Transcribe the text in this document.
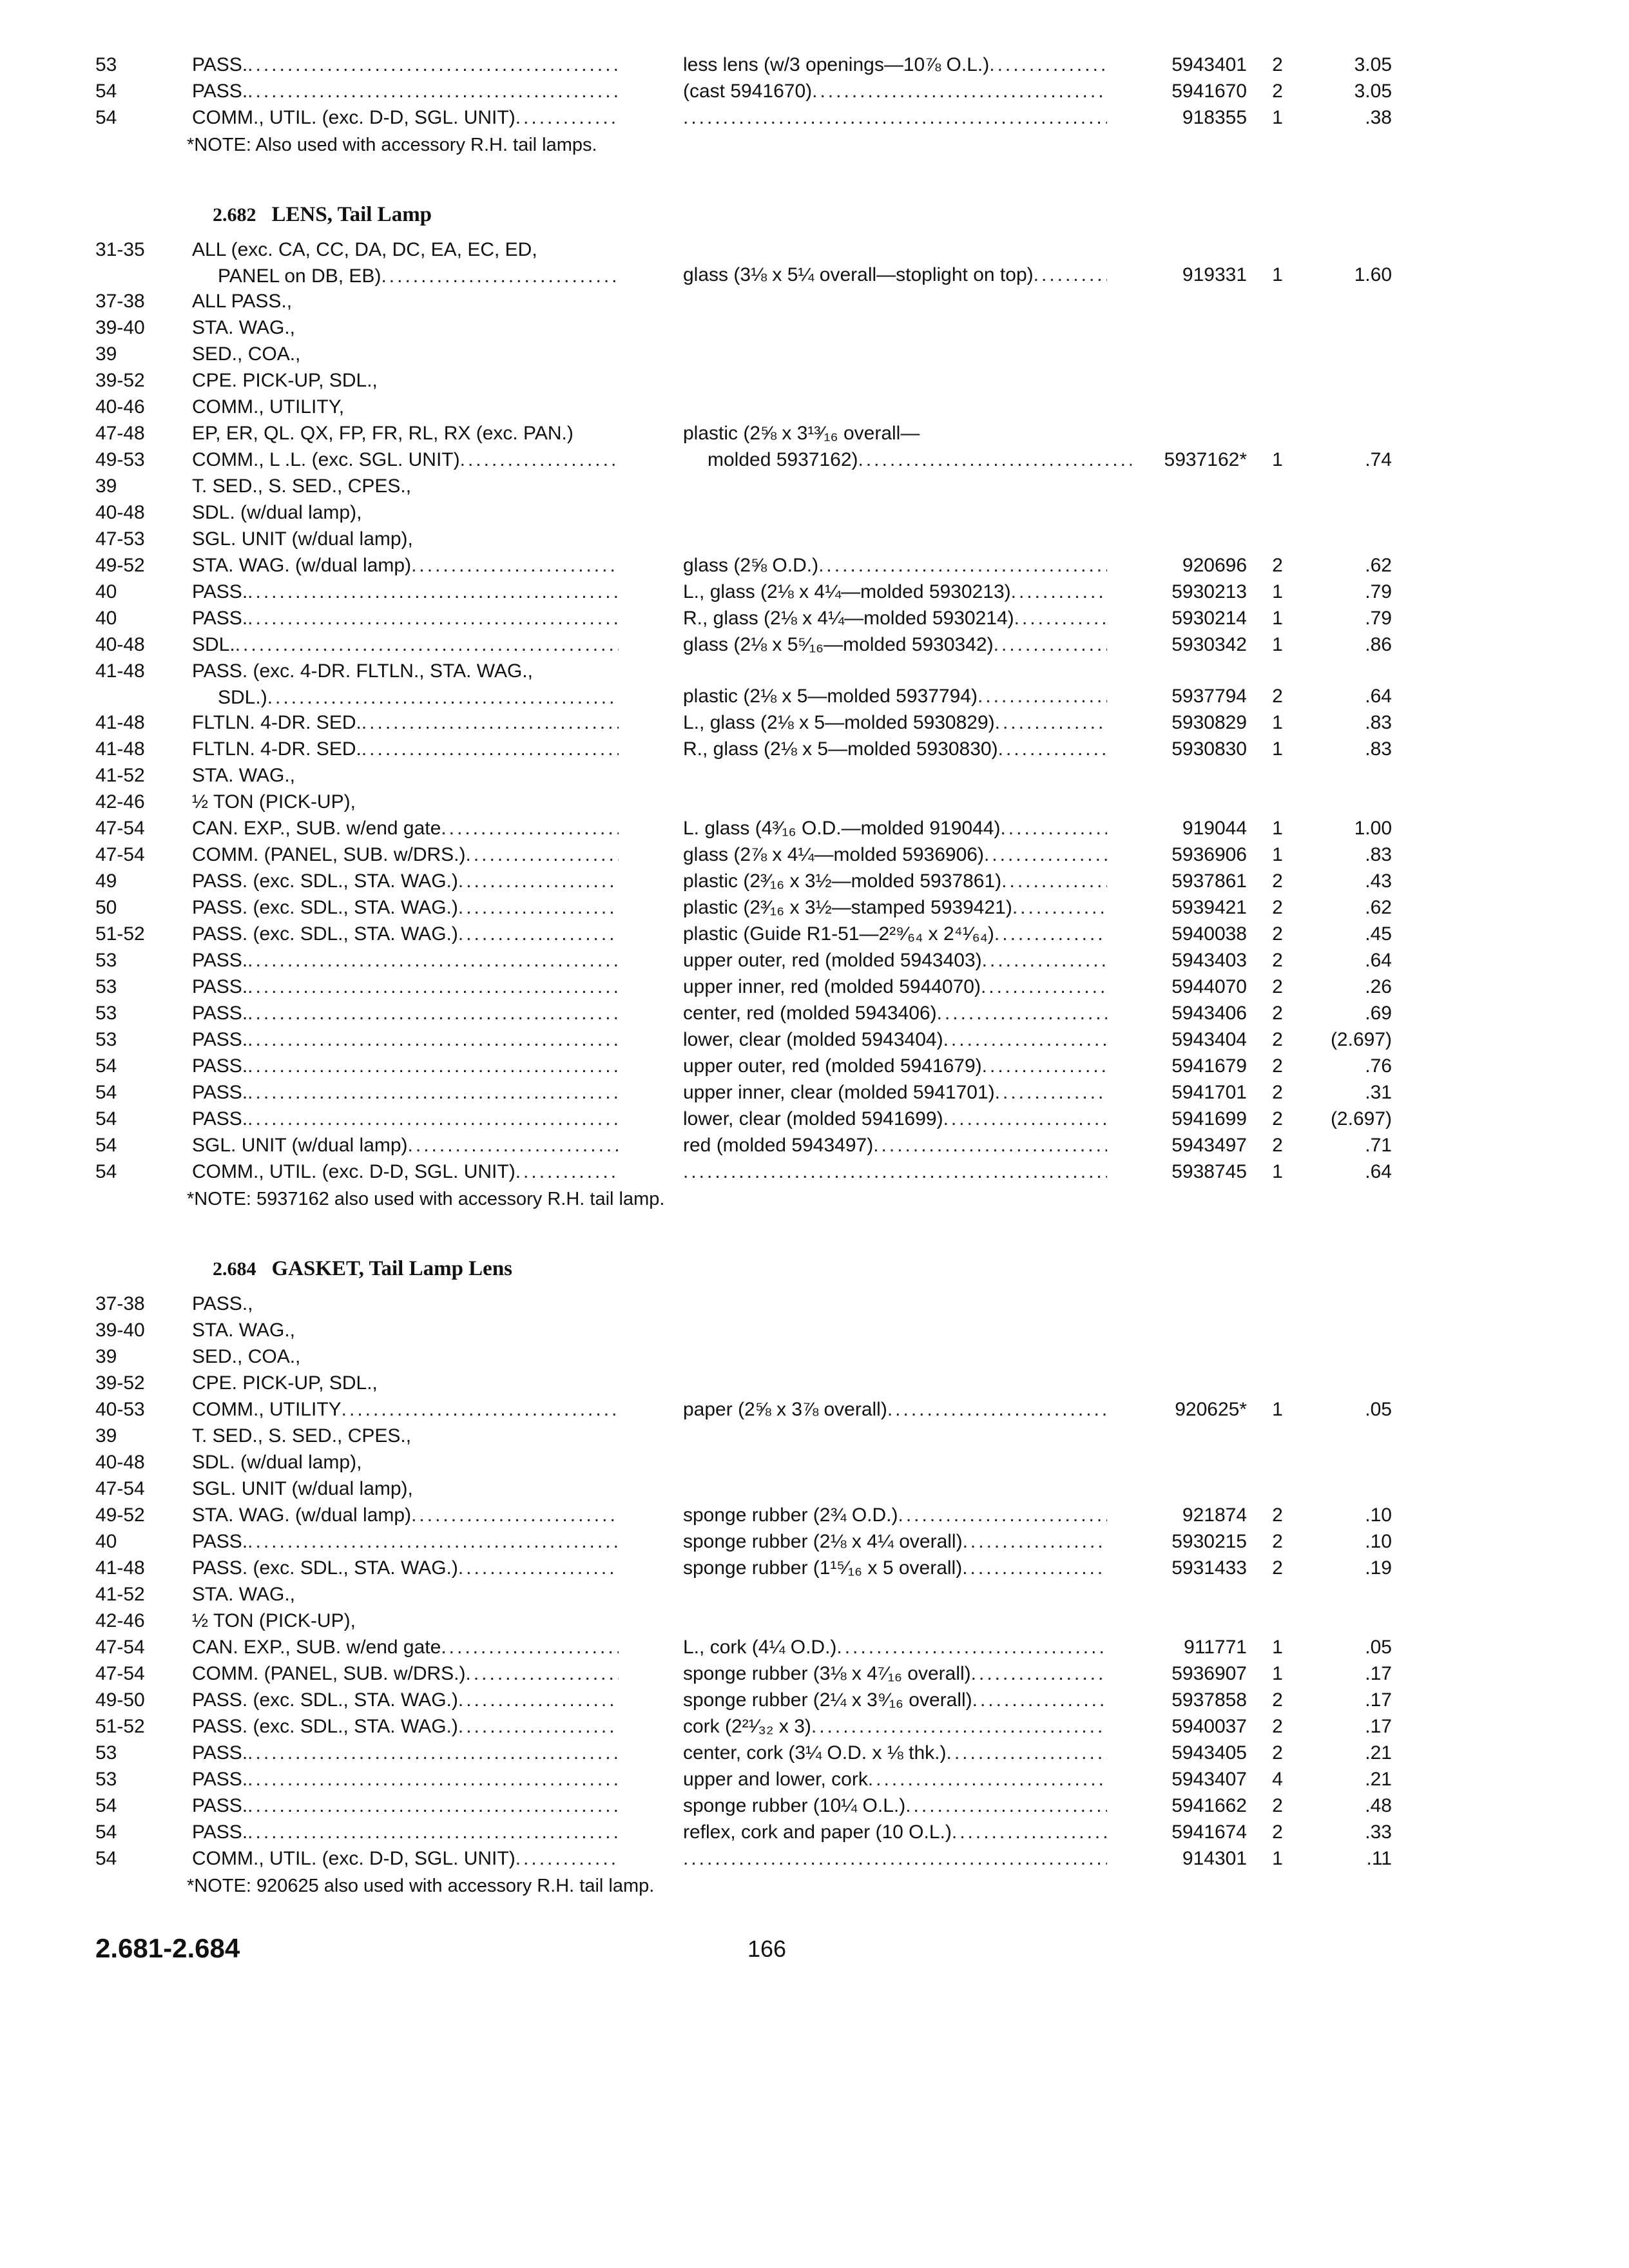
53	PASS. .....	less lens (w/3 openings—10⅞ O.L.) .....	5943401	2	3.05
54	PASS. .....	(cast 5941670) .....	5941670	2	3.05
54	COMM., UTIL. (exc. D-D, SGL. UNIT) ..... .....	918355	1	.38
*NOTE: Also used with accessory R.H. tail lamps.
2.682 LENS, Tail Lamp
31-35	ALL (exc. CA, CC, DA, DC, EA, EC, ED,
PANEL on DB, EB) .....	glass (3⅛ x 5¼ overall—stoplight on top) .....	919331	1	1.60
37-38	ALL PASS.,
39-40	STA. WAG.,
39	SED., COA.,
39-52	CPE. PICK-UP, SDL.,
40-46	COMM., UTILITY,
47-48	EP, ER, QL. QX, FP, FR, RL, RX (exc. PAN.)	plastic (2⅝ x 3¹³⁄₁₆ overall—
49-53	COMM., L .L. (exc. SGL. UNIT) .....	molded 5937162) .....	5937162*	1	.74
39	T. SED., S. SED., CPES.,
40-48	SDL. (w/dual lamp),
47-53	SGL. UNIT (w/dual lamp),
49-52	STA. WAG. (w/dual lamp) .....	glass (2⅝ O.D.) .....	920696	2	.62
40	PASS. .....	L., glass (2⅛ x 4¼—molded 5930213) .....	5930213	1	.79
40	PASS. .....	R., glass (2⅛ x 4¼—molded 5930214) .....	5930214	1	.79
40-48	SDL. .....	glass (2⅛ x 5⁵⁄₁₆—molded 5930342) .....	5930342	1	.86
41-48	PASS. (exc. 4-DR. FLTLN., STA. WAG.,
SDL.) .....	plastic (2⅛ x 5—molded 5937794) .....	5937794	2	.64
41-48	FLTLN. 4-DR. SED. .....	L., glass (2⅛ x 5—molded 5930829) .....	5930829	1	.83
41-48	FLTLN. 4-DR. SED. .....	R., glass (2⅛ x 5—molded 5930830) .....	5930830	1	.83
41-52	STA. WAG.,
42-46	½ TON (PICK-UP),
47-54	CAN. EXP., SUB. w/end gate .....	L. glass (4³⁄₁₆ O.D.—molded 919044) .....	919044	1	1.00
47-54	COMM. (PANEL, SUB. w/DRS.) .....	glass (2⅞ x 4¼—molded 5936906) .....	5936906	1	.83
49	PASS. (exc. SDL., STA. WAG.) .....	plastic (2³⁄₁₆ x 3½—molded 5937861) .....	5937861	2	.43
50	PASS. (exc. SDL., STA. WAG.) .....	plastic (2³⁄₁₆ x 3½—stamped 5939421) .....	5939421	2	.62
51-52	PASS. (exc. SDL., STA. WAG.) .....	plastic (Guide R1-51—2²⁹⁄₆₄ x 2⁴¹⁄₆₄) .....	5940038	2	.45
53	PASS. .....	upper outer, red (molded 5943403) .....	5943403	2	.64
53	PASS. .....	upper inner, red (molded 5944070) .....	5944070	2	.26
53	PASS. .....	center, red (molded 5943406) .....	5943406	2	.69
53	PASS. .....	lower, clear (molded 5943404) .....	5943404	2	(2.697)
54	PASS. .....	upper outer, red (molded 5941679) .....	5941679	2	.76
54	PASS. .....	upper inner, clear (molded 5941701) .....	5941701	2	.31
54	PASS. .....	lower, clear (molded 5941699) .....	5941699	2	(2.697)
54	SGL. UNIT (w/dual lamp) .....	red (molded 5943497) .....	5943497	2	.71
54	COMM., UTIL. (exc. D-D, SGL. UNIT) ..... .....	5938745	1	.64
*NOTE: 5937162 also used with accessory R.H. tail lamp.
2.684 GASKET, Tail Lamp Lens
37-38	PASS.,
39-40	STA. WAG.,
39	SED., COA.,
39-52	CPE. PICK-UP, SDL.,
40-53	COMM., UTILITY .....	paper (2⅝ x 3⅞ overall) .....	920625*	1	.05
39	T. SED., S. SED., CPES.,
40-48	SDL. (w/dual lamp),
47-54	SGL. UNIT (w/dual lamp),
49-52	STA. WAG. (w/dual lamp) .....	sponge rubber (2¾ O.D.) .....	921874	2	.10
40	PASS. .....	sponge rubber (2⅛ x 4¼ overall) .....	5930215	2	.10
41-48	PASS. (exc. SDL., STA. WAG.) .....	sponge rubber (1¹⁵⁄₁₆ x 5 overall) .....	5931433	2	.19
41-52	STA. WAG.,
42-46	½ TON (PICK-UP),
47-54	CAN. EXP., SUB. w/end gate .....	L., cork (4¼ O.D.) .....	911771	1	.05
47-54	COMM. (PANEL, SUB. w/DRS.) .....	sponge rubber (3⅛ x 4⁷⁄₁₆ overall) .....	5936907	1	.17
49-50	PASS. (exc. SDL., STA. WAG.) .....	sponge rubber (2¼ x 3⁹⁄₁₆ overall) .....	5937858	2	.17
51-52	PASS. (exc. SDL., STA. WAG.) .....	cork (2²¹⁄₃₂ x 3) .....	5940037	2	.17
53	PASS. .....	center, cork (3¼ O.D. x ⅛ thk.) .....	5943405	2	.21
53	PASS. .....	upper and lower, cork .....	5943407	4	.21
54	PASS. .....	sponge rubber (10¼ O.L.) .....	5941662	2	.48
54	PASS. .....	reflex, cork and paper (10 O.L.) .....	5941674	2	.33
54	COMM., UTIL. (exc. D-D, SGL. UNIT) ..... .....	914301	1	.11
*NOTE: 920625 also used with accessory R.H. tail lamp.
2.681-2.684	166
